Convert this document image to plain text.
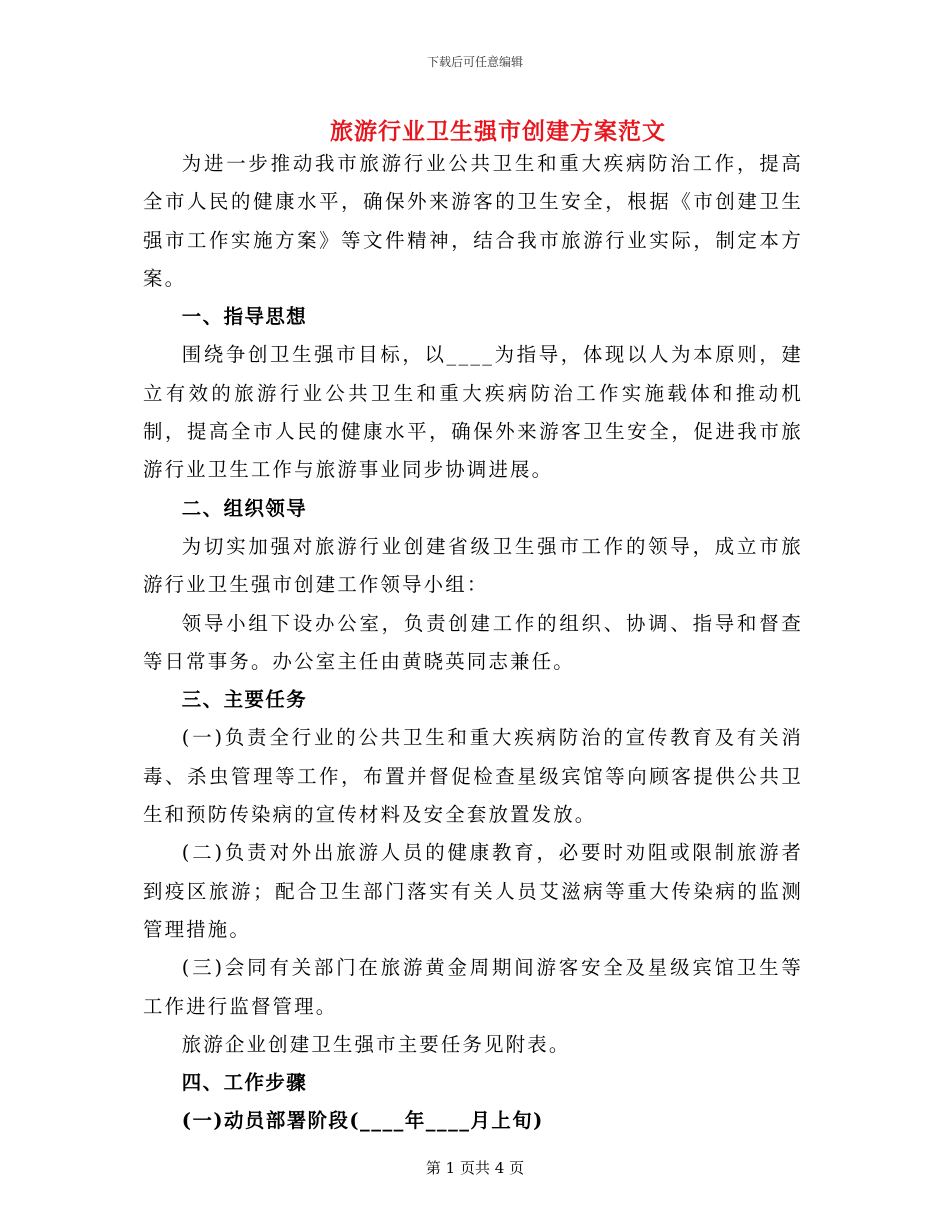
下载后可任意编辑
旅游行业卫生强市创建方案范文

为进一步推动我市旅游行业公共卫生和重大疾病防治工作，提高全市人民的健康水平，确保外来游客的卫生安全，根据《市创建卫生强市工作实施方案》等文件精神，结合我市旅游行业实际，制定本方案。

一、指导思想

围绕争创卫生强市目标，以____为指导，体现以人为本原则，建立有效的旅游行业公共卫生和重大疾病防治工作实施载体和推动机制，提高全市人民的健康水平，确保外来游客卫生安全，促进我市旅游行业卫生工作与旅游事业同步协调进展。

二、组织领导

为切实加强对旅游行业创建省级卫生强市工作的领导，成立市旅游行业卫生强市创建工作领导小组：

领导小组下设办公室，负责创建工作的组织、协调、指导和督查等日常事务。办公室主任由黄晓英同志兼任。

三、主要任务

(一)负责全行业的公共卫生和重大疾病防治的宣传教育及有关消毒、杀虫管理等工作，布置并督促检查星级宾馆等向顾客提供公共卫生和预防传染病的宣传材料及安全套放置发放。

(二)负责对外出旅游人员的健康教育，必要时劝阻或限制旅游者到疫区旅游；配合卫生部门落实有关人员艾滋病等重大传染病的监测管理措施。

(三)会同有关部门在旅游黄金周期间游客安全及星级宾馆卫生等工作进行监督管理。

旅游企业创建卫生强市主要任务见附表。

四、工作步骤

(一)动员部署阶段(____年____月上旬)

第 1 页共 4 页
